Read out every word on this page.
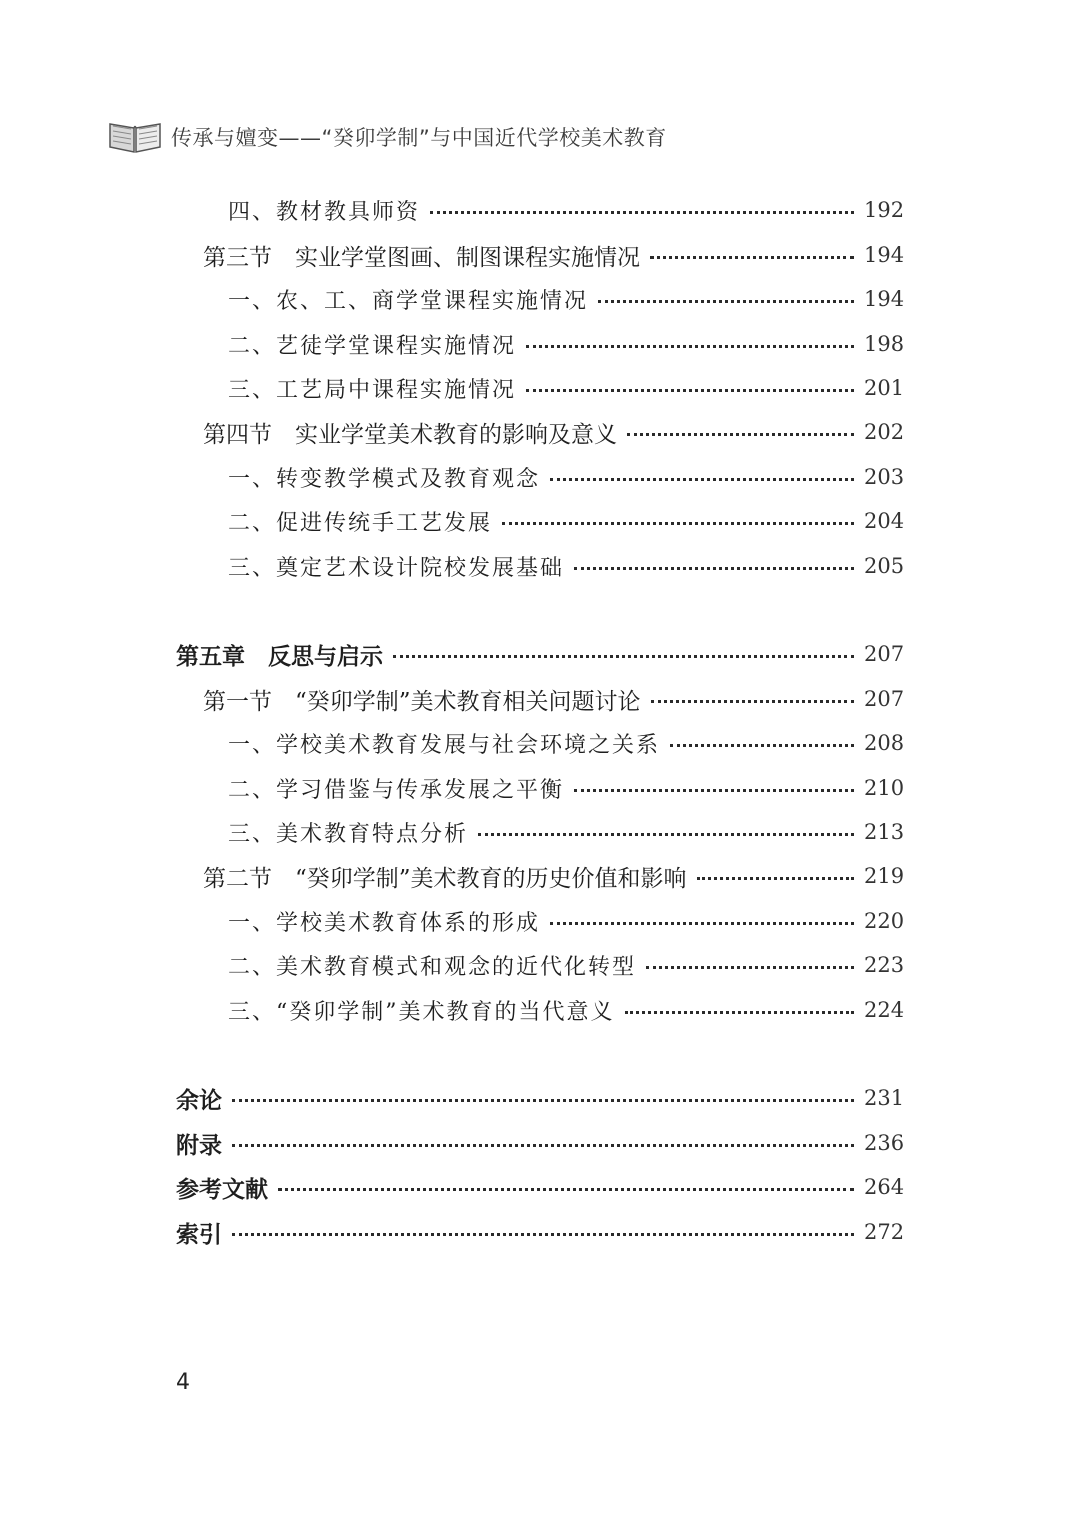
传承与嬗变——“癸卯学制”与中国近代学校美术教育
四、教材教具师资	192
第三节　实业学堂图画、制图课程实施情况	194
一、农、工、商学堂课程实施情况	194
二、艺徒学堂课程实施情况	198
三、工艺局中课程实施情况	201
第四节　实业学堂美术教育的影响及意义	202
一、转变教学模式及教育观念	203
二、促进传统手工艺发展	204
三、奠定艺术设计院校发展基础	205
第五章　反思与启示	207
第一节　“癸卯学制”美术教育相关问题讨论	207
一、学校美术教育发展与社会环境之关系	208
二、学习借鉴与传承发展之平衡	210
三、美术教育特点分析	213
第二节　“癸卯学制”美术教育的历史价值和影响	219
一、学校美术教育体系的形成	220
二、美术教育模式和观念的近代化转型	223
三、“癸卯学制”美术教育的当代意义	224
余论	231
附录	236
参考文献	264
索引	272
4
